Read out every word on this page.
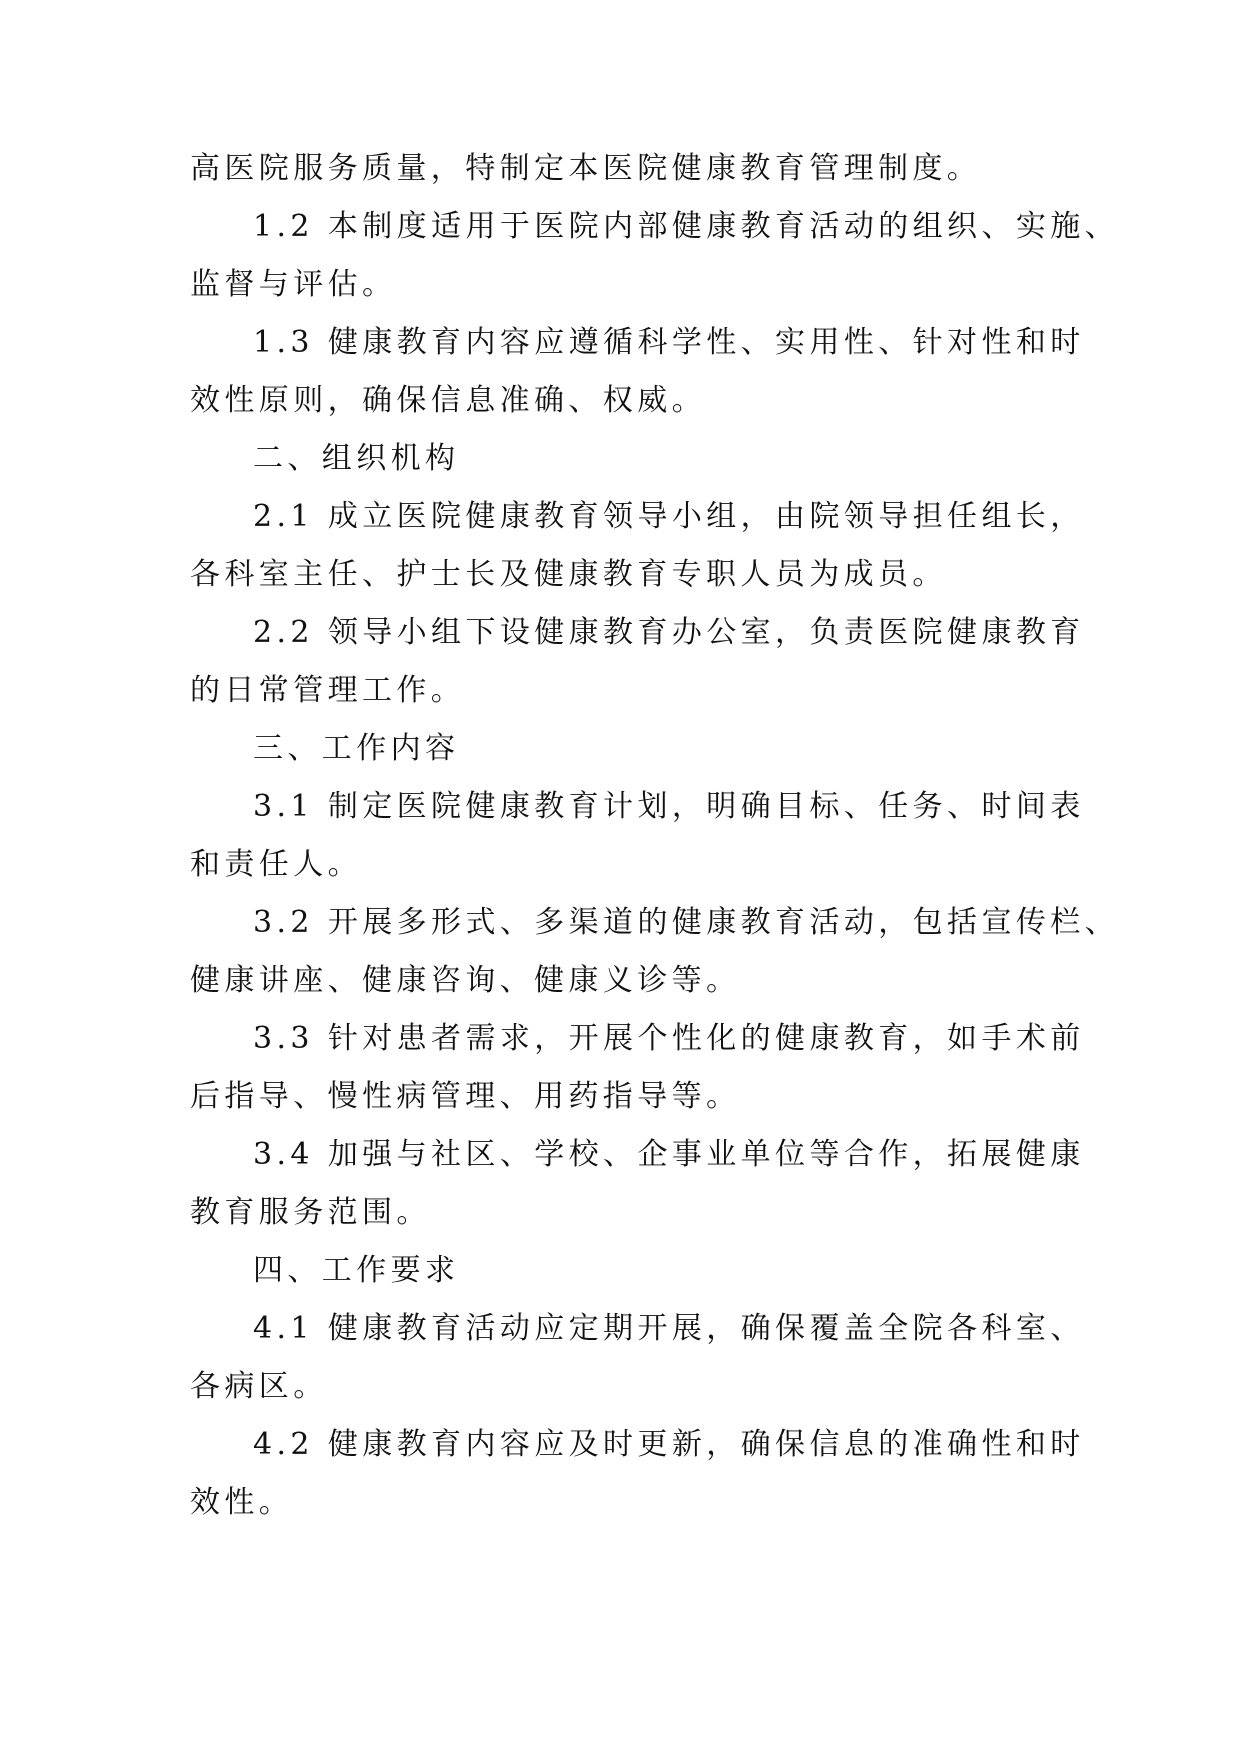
高医院服务质量，特制定本医院健康教育管理制度。

1.2 本制度适用于医院内部健康教育活动的组织、实施、

监督与评估。

1.3 健康教育内容应遵循科学性、实用性、针对性和时

效性原则，确保信息准确、权威。

二、组织机构

2.1 成立医院健康教育领导小组，由院领导担任组长，

各科室主任、护士长及健康教育专职人员为成员。

2.2 领导小组下设健康教育办公室，负责医院健康教育

的日常管理工作。

三、工作内容

3.1 制定医院健康教育计划，明确目标、任务、时间表

和责任人。

3.2 开展多形式、多渠道的健康教育活动，包括宣传栏、

健康讲座、健康咨询、健康义诊等。

3.3 针对患者需求，开展个性化的健康教育，如手术前

后指导、慢性病管理、用药指导等。

3.4 加强与社区、学校、企事业单位等合作，拓展健康

教育服务范围。

四、工作要求

4.1 健康教育活动应定期开展，确保覆盖全院各科室、

各病区。

4.2 健康教育内容应及时更新，确保信息的准确性和时

效性。
